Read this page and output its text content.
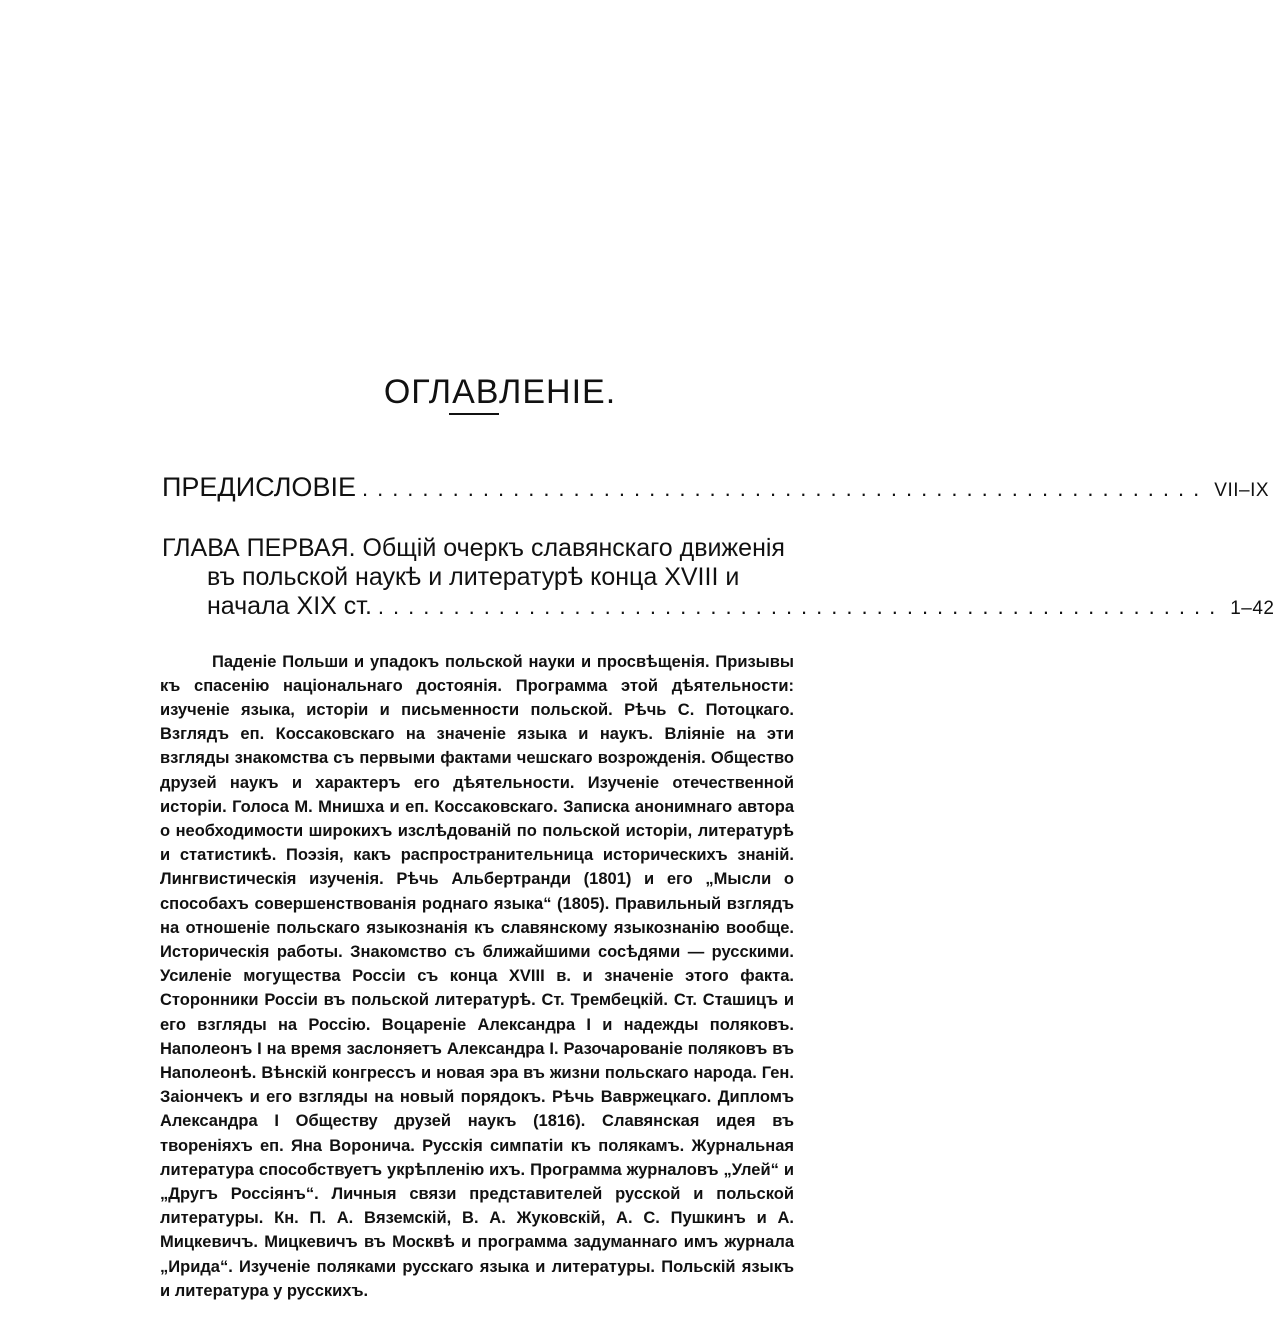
ОГЛАВЛЕНІЕ.
ПРЕДИСЛОВІЕ ........................................................ VII–IX
ГЛАВА ПЕРВАЯ. Общій очеркъ славянскаго движенія
въ польской наукѣ и литературѣ конца XVIII и
начала XIX ст. ........................................................ 1–42

Паденіе Польши и упадокъ польской науки и просвѣщенія. Призывы къ спасенію національнаго достоянія. Программа этой дѣятельности: изученіе языка, исторіи и письменности польской. Рѣчь С. Потоцкаго. Взглядъ еп. Коссаковскаго на значеніе языка и наукъ. Вліяніе на эти взгляды знакомства съ первыми фактами чешскаго возрожденія. Общество друзей наукъ и характеръ его дѣятельности. Изученіе отечественной исторіи. Голоса М. Мнишха и еп. Коссаковскаго. Записка анонимнаго автора о необходимости широкихъ изслѣдованій по польской исторіи, литературѣ и статистикѣ. Поэзія, какъ распространительница историческихъ знаній. Лингвистическія изученія. Рѣчь Альбертранди (1801) и его „Мысли о способахъ совершенствованія роднаго языка“ (1805). Правильный взглядъ на отношеніе польскаго языкознанія къ славянскому языкознанію вообще. Историческія работы. Знакомство съ ближайшими сосѣдями — русскими. Усиленіе могущества Россіи съ конца XVIII в. и значеніе этого факта. Сторонники Россіи въ польской литературѣ. Ст. Трембецкій. Ст. Сташицъ и его взгляды на Россію. Воцареніе Александра I и надежды поляковъ. Наполеонъ I на время заслоняетъ Александра I. Разочарованіе поляковъ въ Наполеонѣ. Вѣнскій конгрессъ и новая эра въ жизни польскаго народа. Ген. Заіончекъ и его взгляды на новый порядокъ. Рѣчь Вавржецкаго. Дипломъ Александра I Обществу друзей наукъ (1816). Славянская идея въ твореніяхъ еп. Яна Воронича. Русскія симпатіи къ полякамъ. Журнальная литература способствуетъ укрѣпленію ихъ. Программа журналовъ „Улей“ и „Другъ Россіянъ“. Личныя связи представителей русской и польской литературы. Кн. П. А. Вяземскій, В. А. Жуковскій, А. С. Пушкинъ и А. Мицкевичъ. Мицкевичъ въ Москвѣ и программа задуманнаго имъ журнала „Ирида“. Изученіе поляками русскаго языка и литературы. Польскій языкъ и литература у русскихъ.
